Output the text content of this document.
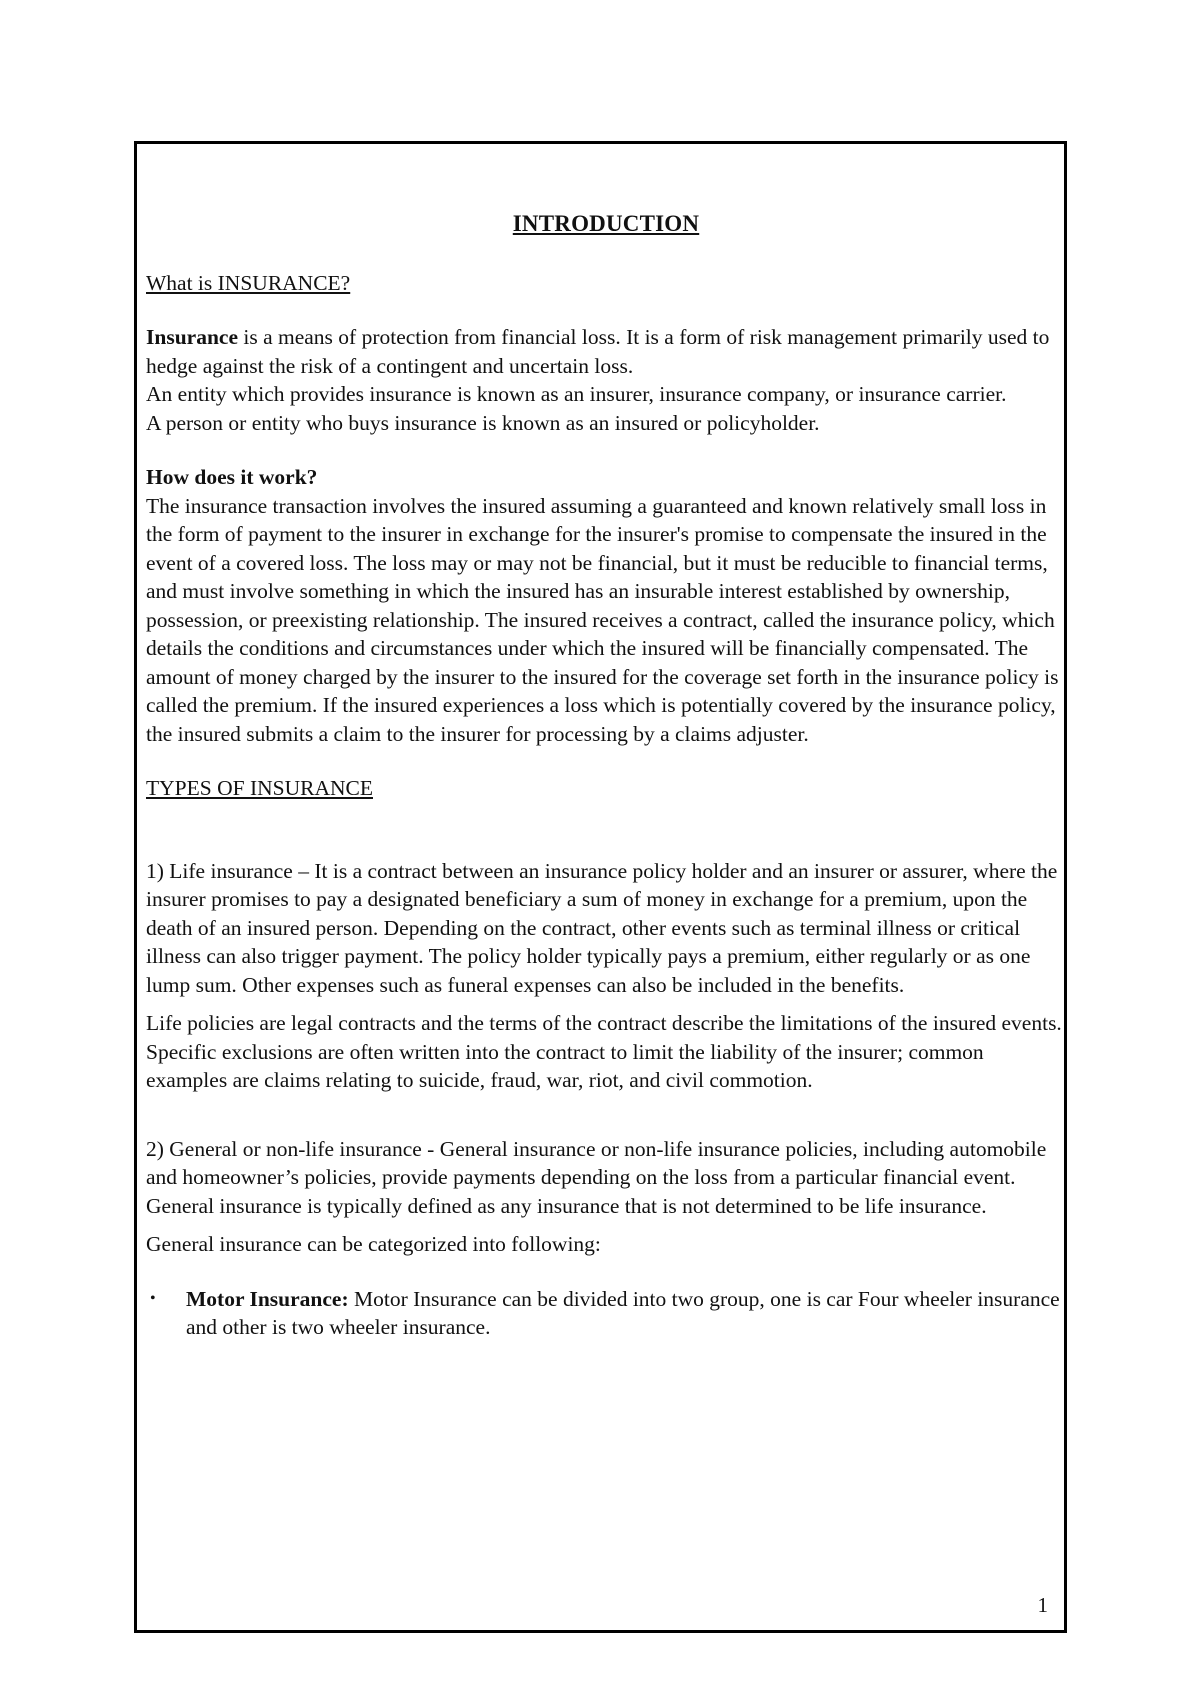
INTRODUCTION

What is INSURANCE?

Insurance is a means of protection from financial loss. It is a form of risk management primarily used to hedge against the risk of a contingent and uncertain loss.

An entity which provides insurance is known as an insurer, insurance company, or insurance carrier.

A person or entity who buys insurance is known as an insured or policyholder.

How does it work?

The insurance transaction involves the insured assuming a guaranteed and known relatively small loss in the form of payment to the insurer in exchange for the insurer's promise to compensate the insured in the event of a covered loss. The loss may or may not be financial, but it must be reducible to financial terms, and must involve something in which the insured has an insurable interest established by ownership, possession, or preexisting relationship. The insured receives a contract, called the insurance policy, which details the conditions and circumstances under which the insured will be financially compensated. The amount of money charged by the insurer to the insured for the coverage set forth in the insurance policy is called the premium. If the insured experiences a loss which is potentially covered by the insurance policy, the insured submits a claim to the insurer for processing by a claims adjuster.

TYPES OF INSURANCE

1) Life insurance – It is a contract between an insurance policy holder and an insurer or assurer, where the insurer promises to pay a designated beneficiary a sum of money in exchange for a premium, upon the death of an insured person. Depending on the contract, other events such as terminal illness or critical illness can also trigger payment. The policy holder typically pays a premium, either regularly or as one lump sum. Other expenses such as funeral expenses can also be included in the benefits.

Life policies are legal contracts and the terms of the contract describe the limitations of the insured events. Specific exclusions are often written into the contract to limit the liability of the insurer; common examples are claims relating to suicide, fraud, war, riot, and civil commotion.

2) General or non-life insurance - General insurance or non-life insurance policies, including automobile and homeowner’s policies, provide payments depending on the loss from a particular financial event. General insurance is typically defined as any insurance that is not determined to be life insurance.

General insurance can be categorized into following:

• Motor Insurance: Motor Insurance can be divided into two group, one is car Four wheeler insurance and other is two wheeler insurance.
1
